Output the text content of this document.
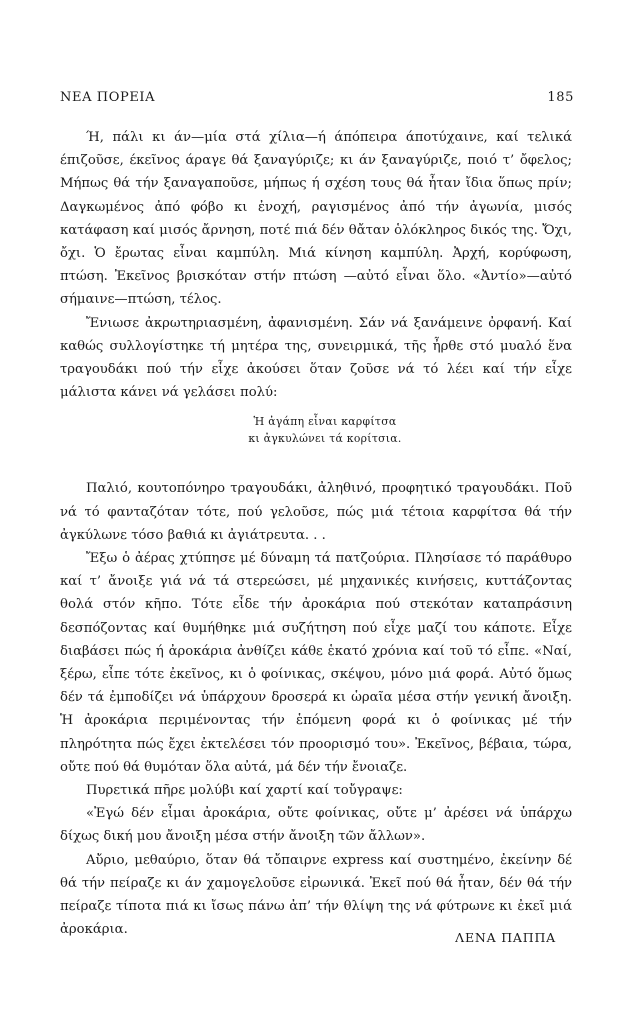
ΝΕΑ ΠΟΡΕΙΑ	185

Ή, πάλι κι άν—μία στά χίλια—ή άπόπειρα άποτύχαινε, καί τελικά έπιζοῦσε, έκεῖνος άραγε θά ξαναγύριζε; κι άν ξαναγύριζε, ποιό τ’ ὄφελος; Μήπως θά τήν ξαναγαποῦσε, μήπως ή σχέση τους θά ἦταν ἴδια ὅπως πρίν; Δαγκωμένος ἀπό φόβο κι ἐνοχή, ραγισμένος ἀπό τήν ἀγωνία, μισός κατάφαση καί μισός ἄρνηση, ποτέ πιά δέν θἄταν ὁλόκληρος δικός της. Ὄχι, ὄχι. Ὁ ἔρωτας εἶναι καμπύλη. Μιά κίνηση καμπύλη. Ἀρχή, κορύφωση, πτώση. Ἐκεῖνος βρισκόταν στήν πτώση —αὐτό εἶναι ὅλο. «Ἀντίο»—αὐτό σήμαινε—πτώση, τέλος.

Ἔνιωσε ἀκρωτηριασμένη, ἀφανισμένη. Σάν νά ξανάμεινε ὀρφανή. Καί καθώς συλλογίστηκε τή μητέρα της, συνειρμικά, τῆς ἦρθε στό μυαλό ἕνα τραγουδάκι πού τήν εἶχε ἀκούσει ὅταν ζοῦσε νά τό λέει καί τήν εἶχε μάλιστα κάνει νά γελάσει πολύ:

Ἡ ἀγάπη εἶναι καρφίτσα
κι ἀγκυλώνει τά κορίτσια.

Παλιό, κουτοπόνηρο τραγουδάκι, ἀληθινό, προφητικό τραγουδάκι. Ποῦ νά τό φανταζόταν τότε, πού γελοῦσε, πώς μιά τέτοια καρφίτσα θά τήν ἀγκύλωνε τόσο βαθιά κι ἀγιάτρευτα. . .

Ἔξω ὁ ἀέρας χτύπησε μέ δύναμη τά πατζούρια. Πλησίασε τό παράθυρο καί τ’ ἄνοιξε γιά νά τά στερεώσει, μέ μηχανικές κινήσεις, κυττάζοντας θολά στόν κῆπο. Τότε εἶδε τήν ἀροκάρια πού στεκόταν καταπράσινη δεσπόζοντας καί θυμήθηκε μιά συζήτηση πού εἶχε μαζί του κάποτε. Εἶχε διαβάσει πώς ή ἀροκάρια ἀνθίζει κάθε ἑκατό χρόνια καί τοῦ τό εἶπε. «Ναί, ξέρω, εἶπε τότε ἐκεῖνος, κι ὁ φοίνικας, σκέψου, μόνο μιά φορά. Αὐτό ὅμως δέν τά ἐμποδίζει νά ὑπάρχουν δροσερά κι ὡραῖα μέσα στήν γενική ἄνοιξη. Ἡ ἀροκάρια περιμένοντας τήν ἑπόμενη φορά κι ὁ φοίνικας μέ τήν πληρότητα πώς ἔχει ἐκτελέσει τόν προορισμό του». Ἐκεῖνος, βέβαια, τώρα, οὔτε πού θά θυμόταν ὅλα αὐτά, μά δέν τήν ἔνοιαζε.

Πυρετικά πῆρε μολύβι καί χαρτί καί τοὔγραψε:

«Ἐγώ δέν εἶμαι ἀροκάρια, οὔτε φοίνικας, οὔτε μ’ ἀρέσει νά ὑπάρχω δίχως δική μου ἄνοιξη μέσα στήν ἄνοιξη τῶν ἄλλων».

Αὔριο, μεθαύριο, ὅταν θά τὄπαιρνε express καί συστημένο, ἐκείνην δέ θά τήν πείραζε κι άν χαμογελοῦσε εἰρωνικά. Ἐκεῖ πού θά ἦταν, δέν θά τήν πείραζε τίποτα πιά κι ἴσως πάνω ἀπ’ τήν θλίψη της νά φύτρωνε κι ἐκεῖ μιά ἀροκάρια.

ΛΕΝΑ ΠΑΠΠΑ
